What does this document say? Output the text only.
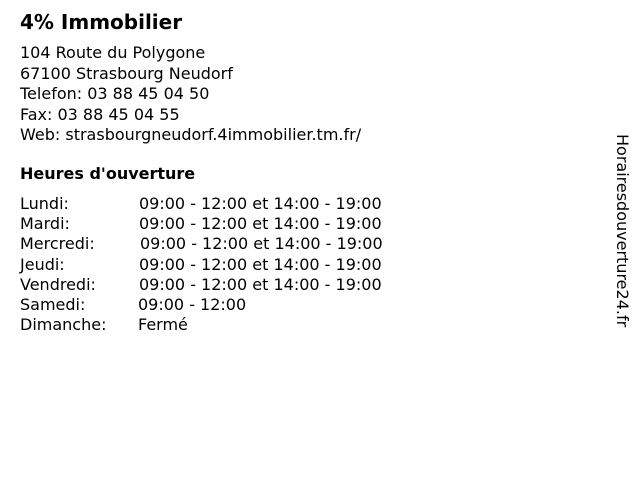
4% Immobilier
104 Route du Polygone
67100 Strasbourg Neudorf
Telefon: 03 88 45 04 50
Fax: 03 88 45 04 55
Web: strasbourgneudorf.4immobilier.tm.fr/
Heures d'ouverture
Lundi:	09:00 - 12:00 et 14:00 - 19:00
Mardi:	09:00 - 12:00 et 14:00 - 19:00
Mercredi:	09:00 - 12:00 et 14:00 - 19:00
Jeudi:	09:00 - 12:00 et 14:00 - 19:00
Vendredi:	09:00 - 12:00 et 14:00 - 19:00
Samedi:	09:00 - 12:00
Dimanche: Fermé	Horairesdouverture24.fr
